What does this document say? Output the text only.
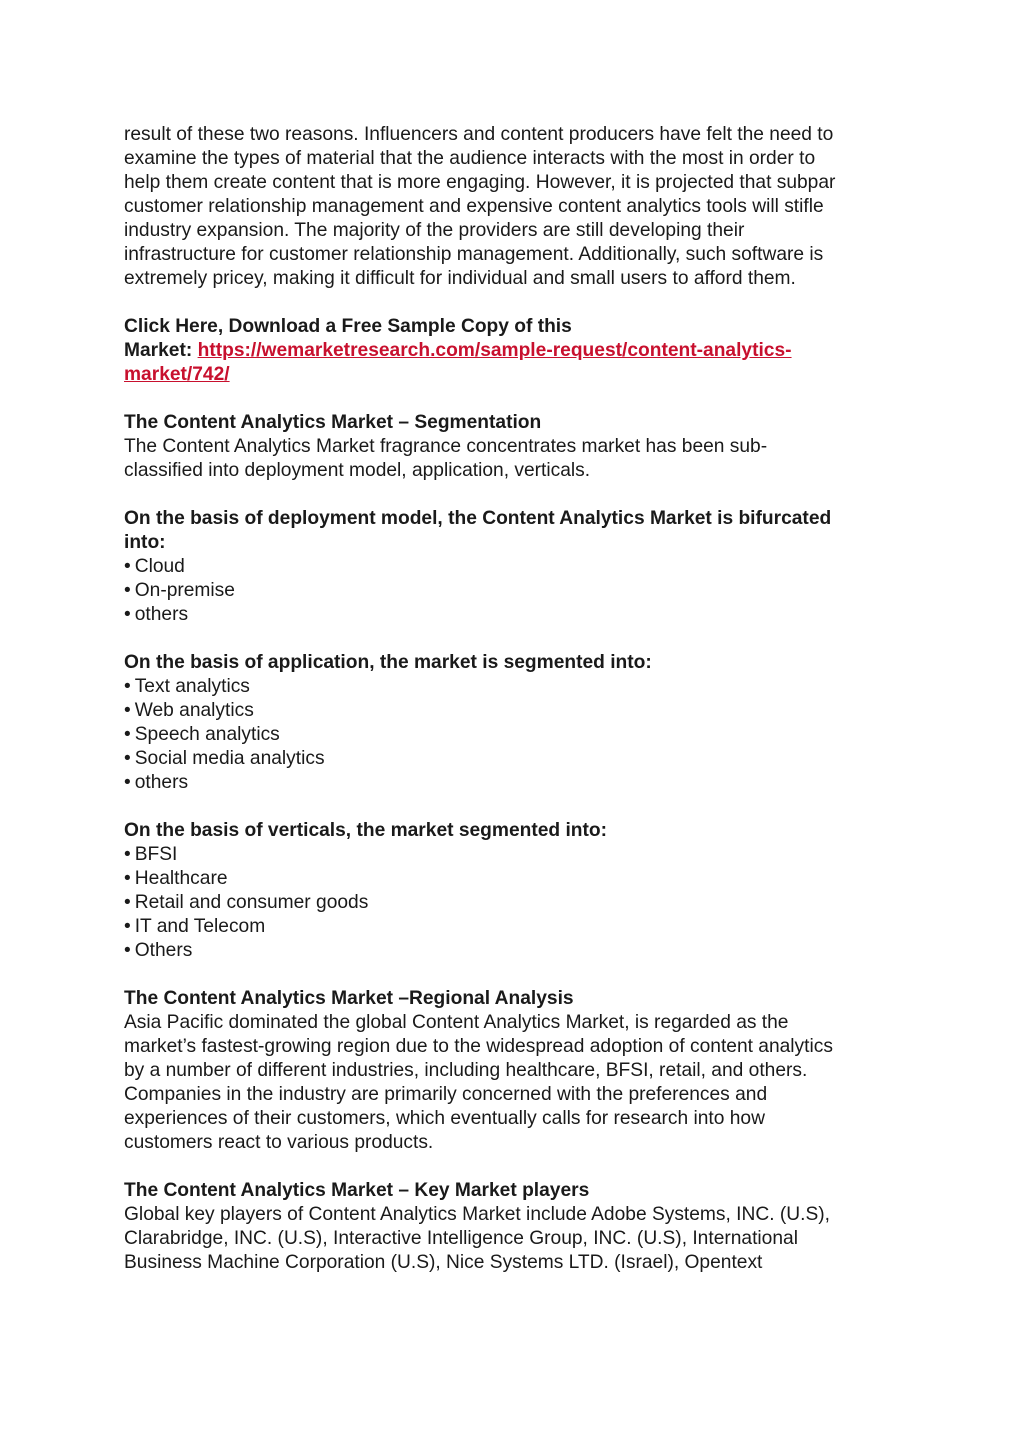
result of these two reasons. Influencers and content producers have felt the need to
examine the types of material that the audience interacts with the most in order to
help them create content that is more engaging. However, it is projected that subpar
customer relationship management and expensive content analytics tools will stifle
industry expansion. The majority of the providers are still developing their
infrastructure for customer relationship management. Additionally, such software is
extremely pricey, making it difficult for individual and small users to afford them.
Click Here, Download a Free Sample Copy of this
Market: https://wemarketresearch.com/sample-request/content-analytics-
market/742/
The Content Analytics Market – Segmentation
The Content Analytics Market fragrance concentrates market has been sub-
classified into deployment model, application, verticals.
On the basis of deployment model, the Content Analytics Market is bifurcated
into:
• Cloud
• On-premise
• others
On the basis of application, the market is segmented into:
• Text analytics
• Web analytics
• Speech analytics
• Social media analytics
• others
On the basis of verticals, the market segmented into:
• BFSI
• Healthcare
• Retail and consumer goods
• IT and Telecom
• Others
The Content Analytics Market –Regional Analysis
Asia Pacific dominated the global Content Analytics Market, is regarded as the
market’s fastest-growing region due to the widespread adoption of content analytics
by a number of different industries, including healthcare, BFSI, retail, and others.
Companies in the industry are primarily concerned with the preferences and
experiences of their customers, which eventually calls for research into how
customers react to various products.
The Content Analytics Market – Key Market players
Global key players of Content Analytics Market include Adobe Systems, INC. (U.S),
Clarabridge, INC. (U.S), Interactive Intelligence Group, INC. (U.S), International
Business Machine Corporation (U.S), Nice Systems LTD. (Israel), Opentext
